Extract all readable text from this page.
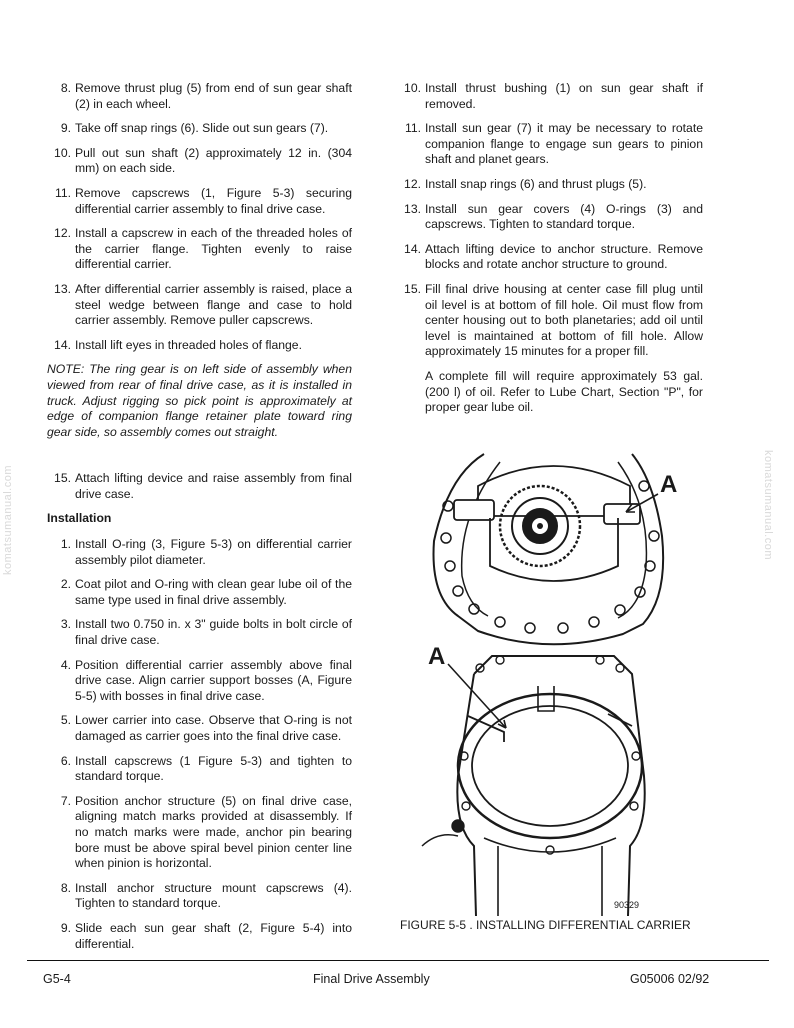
8. Remove thrust plug (5) from end of sun gear shaft (2) in each wheel.
9. Take off snap rings (6). Slide out sun gears (7).
10. Pull out sun shaft (2) approximately 12 in. (304 mm) on each side.
11. Remove capscrews (1, Figure 5-3) securing differential carrier assembly to final drive case.
12. Install a capscrew in each of the threaded holes of the carrier flange. Tighten evenly to raise differential carrier.
13. After differential carrier assembly is raised, place a steel wedge between flange and case to hold carrier assembly. Remove puller capscrews.
14. Install lift eyes in threaded holes of flange.

NOTE: The ring gear is on left side of assembly when viewed from rear of final drive case, as it is installed in truck. Adjust rigging so pick point is approximately at edge of companion flange retainer plate toward ring gear side, so assembly comes out straight.

15. Attach lifting device and raise assembly from final drive case.
Installation
1. Install O-ring (3, Figure 5-3) on differential carrier assembly pilot diameter.
2. Coat pilot and O-ring with clean gear lube oil of the same type used in final drive assembly.
3. Install two 0.750 in. x 3" guide bolts in bolt circle of final drive case.
4. Position differential carrier assembly above final drive case. Align carrier support bosses (A, Figure 5-5) with bosses in final drive case.
5. Lower carrier into case. Observe that O-ring is not damaged as carrier goes into the final drive case.
6. Install capscrews (1 Figure 5-3) and tighten to standard torque.
7. Position anchor structure (5) on final drive case, aligning match marks provided at disassembly. If no match marks were made, anchor pin bearing bore must be above spiral bevel pinion center line when pinion is horizontal.
8. Install anchor structure mount capscrews (4). Tighten to standard torque.
9. Slide each sun gear shaft (2, Figure 5-4) into differential.
10. Install thrust bushing (1) on sun gear shaft if removed.
11. Install sun gear (7) it may be necessary to rotate companion flange to engage sun gears to pinion shaft and planet gears.
12. Install snap rings (6) and thrust plugs (5).
13. Install sun gear covers (4) O-rings (3) and capscrews. Tighten to standard torque.
14. Attach lifting device to anchor structure. Remove blocks and rotate anchor structure to ground.
15. Fill final drive housing at center case fill plug until oil level is at bottom of fill hole. Oil must flow from center housing out to both planetaries; add oil until level is maintained at bottom of fill hole. Allow approximately 15 minutes for a proper fill.

A complete fill will require approximately 53 gal. (200 l) of oil. Refer to Lube Chart, Section "P", for proper gear lube oil.

komatsumanual.com	komatsumanual.com
A
A
90329
FIGURE 5-5 . INSTALLING DIFFERENTIAL CARRIER
G5-4	Final Drive Assembly	G05006 02/92
